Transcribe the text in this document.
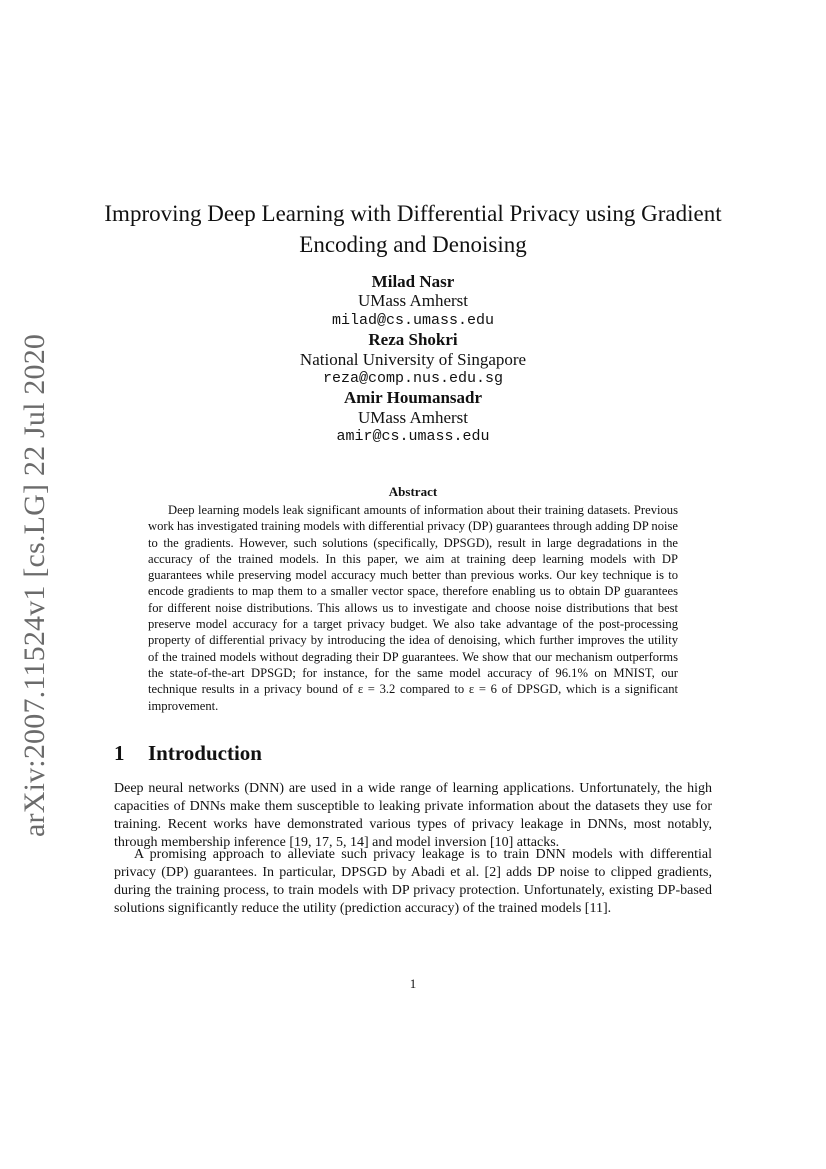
arXiv:2007.11524v1 [cs.LG] 22 Jul 2020
Improving Deep Learning with Differential Privacy using Gradient Encoding and Denoising
Milad Nasr
UMass Amherst
milad@cs.umass.edu
Reza Shokri
National University of Singapore
reza@comp.nus.edu.sg
Amir Houmansadr
UMass Amherst
amir@cs.umass.edu
Abstract

Deep learning models leak significant amounts of information about their training datasets. Previous work has investigated training models with differential privacy (DP) guarantees through adding DP noise to the gradients. However, such solutions (specifically, DPSGD), result in large degradations in the accuracy of the trained models. In this paper, we aim at training deep learning models with DP guarantees while preserving model accuracy much better than previous works. Our key technique is to encode gradients to map them to a smaller vector space, therefore enabling us to obtain DP guarantees for different noise distributions. This allows us to investigate and choose noise distributions that best preserve model accuracy for a target privacy budget. We also take advantage of the post-processing property of differential privacy by introducing the idea of denoising, which further improves the utility of the trained models without degrading their DP guarantees. We show that our mechanism outperforms the state-of-the-art DPSGD; for instance, for the same model accuracy of 96.1% on MNIST, our technique results in a privacy bound of ε = 3.2 compared to ε = 6 of DPSGD, which is a significant improvement.

1 Introduction

Deep neural networks (DNN) are used in a wide range of learning applications. Unfortunately, the high capacities of DNNs make them susceptible to leaking private information about the datasets they use for training. Recent works have demonstrated various types of privacy leakage in DNNs, most notably, through membership inference [19, 17, 5, 14] and model inversion [10] attacks.

A promising approach to alleviate such privacy leakage is to train DNN models with differential privacy (DP) guarantees. In particular, DPSGD by Abadi et al. [2] adds DP noise to clipped gradients, during the training process, to train models with DP privacy protection. Unfortunately, existing DP-based solutions significantly reduce the utility (prediction accuracy) of the trained models [11].

1
